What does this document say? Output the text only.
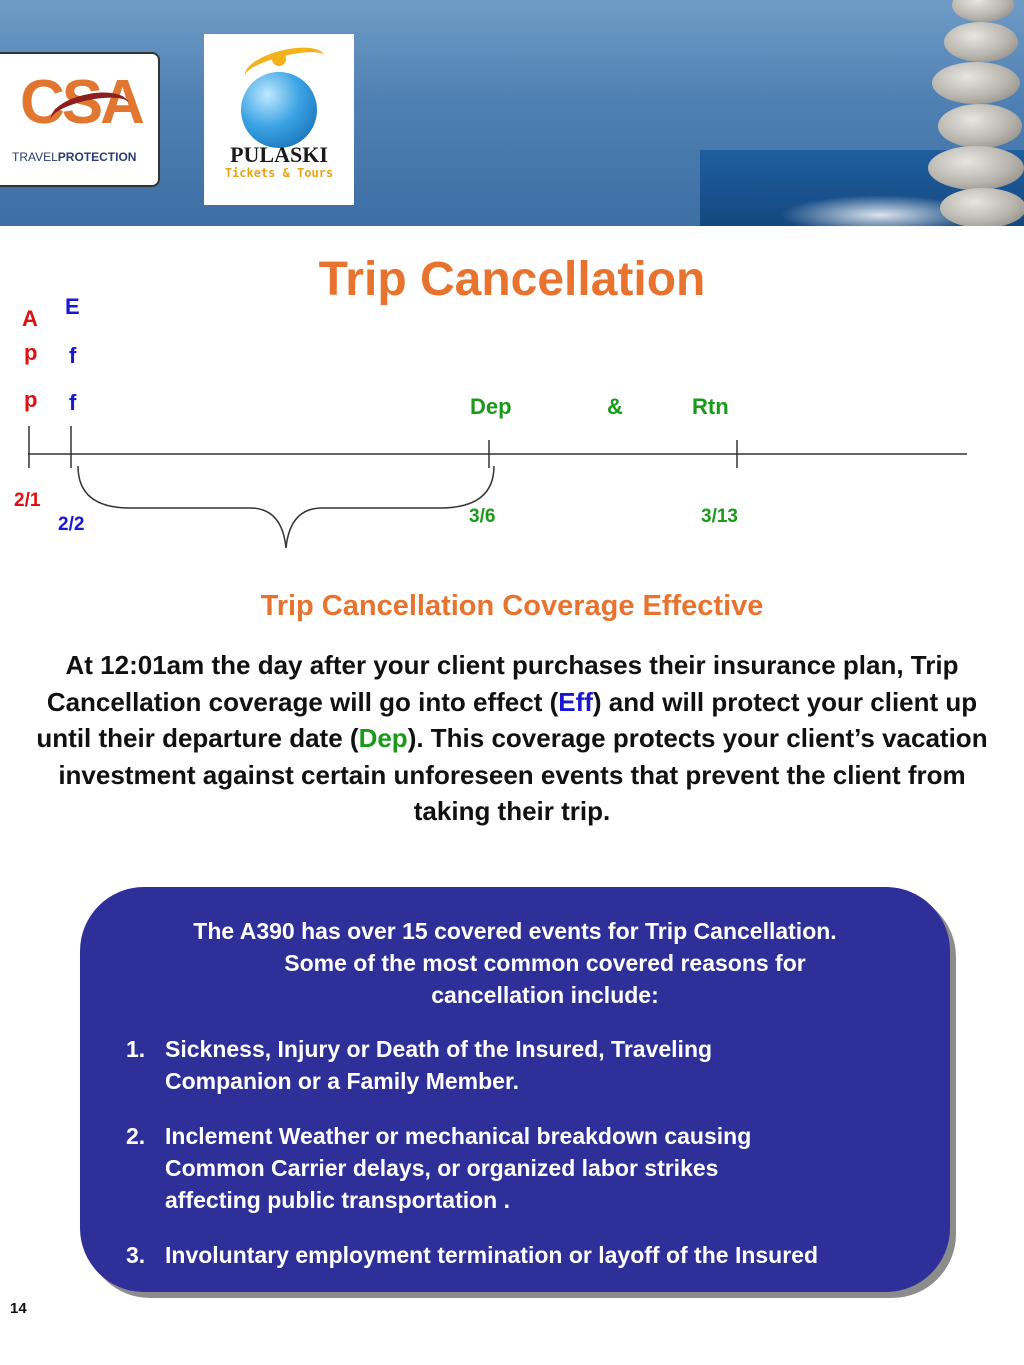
CSA
TRAVELPROTECTION	PULASKI
Tickets & Tours
Trip Cancellation
A
p
p
E
f
f	Dep	&	Rtn
2/1
2/2	3/6	3/13
Trip Cancellation Coverage Effective
At 12:01am the day after your client purchases their insurance plan, Trip Cancellation coverage will go into effect (Eff) and will protect your client up until their departure date (Dep). This coverage protects your client’s vacation investment against certain unforeseen events that prevent the client from taking their trip.
The A390 has over 15 covered events for Trip Cancellation.
Some of the most common covered reasons for cancellation include:
1. Sickness, Injury or Death of the Insured, Traveling Companion or a Family Member.
2. Inclement Weather or mechanical breakdown causing Common Carrier delays, or organized labor strikes affecting public transportation .
3. Involuntary employment termination or layoff of the Insured
14
